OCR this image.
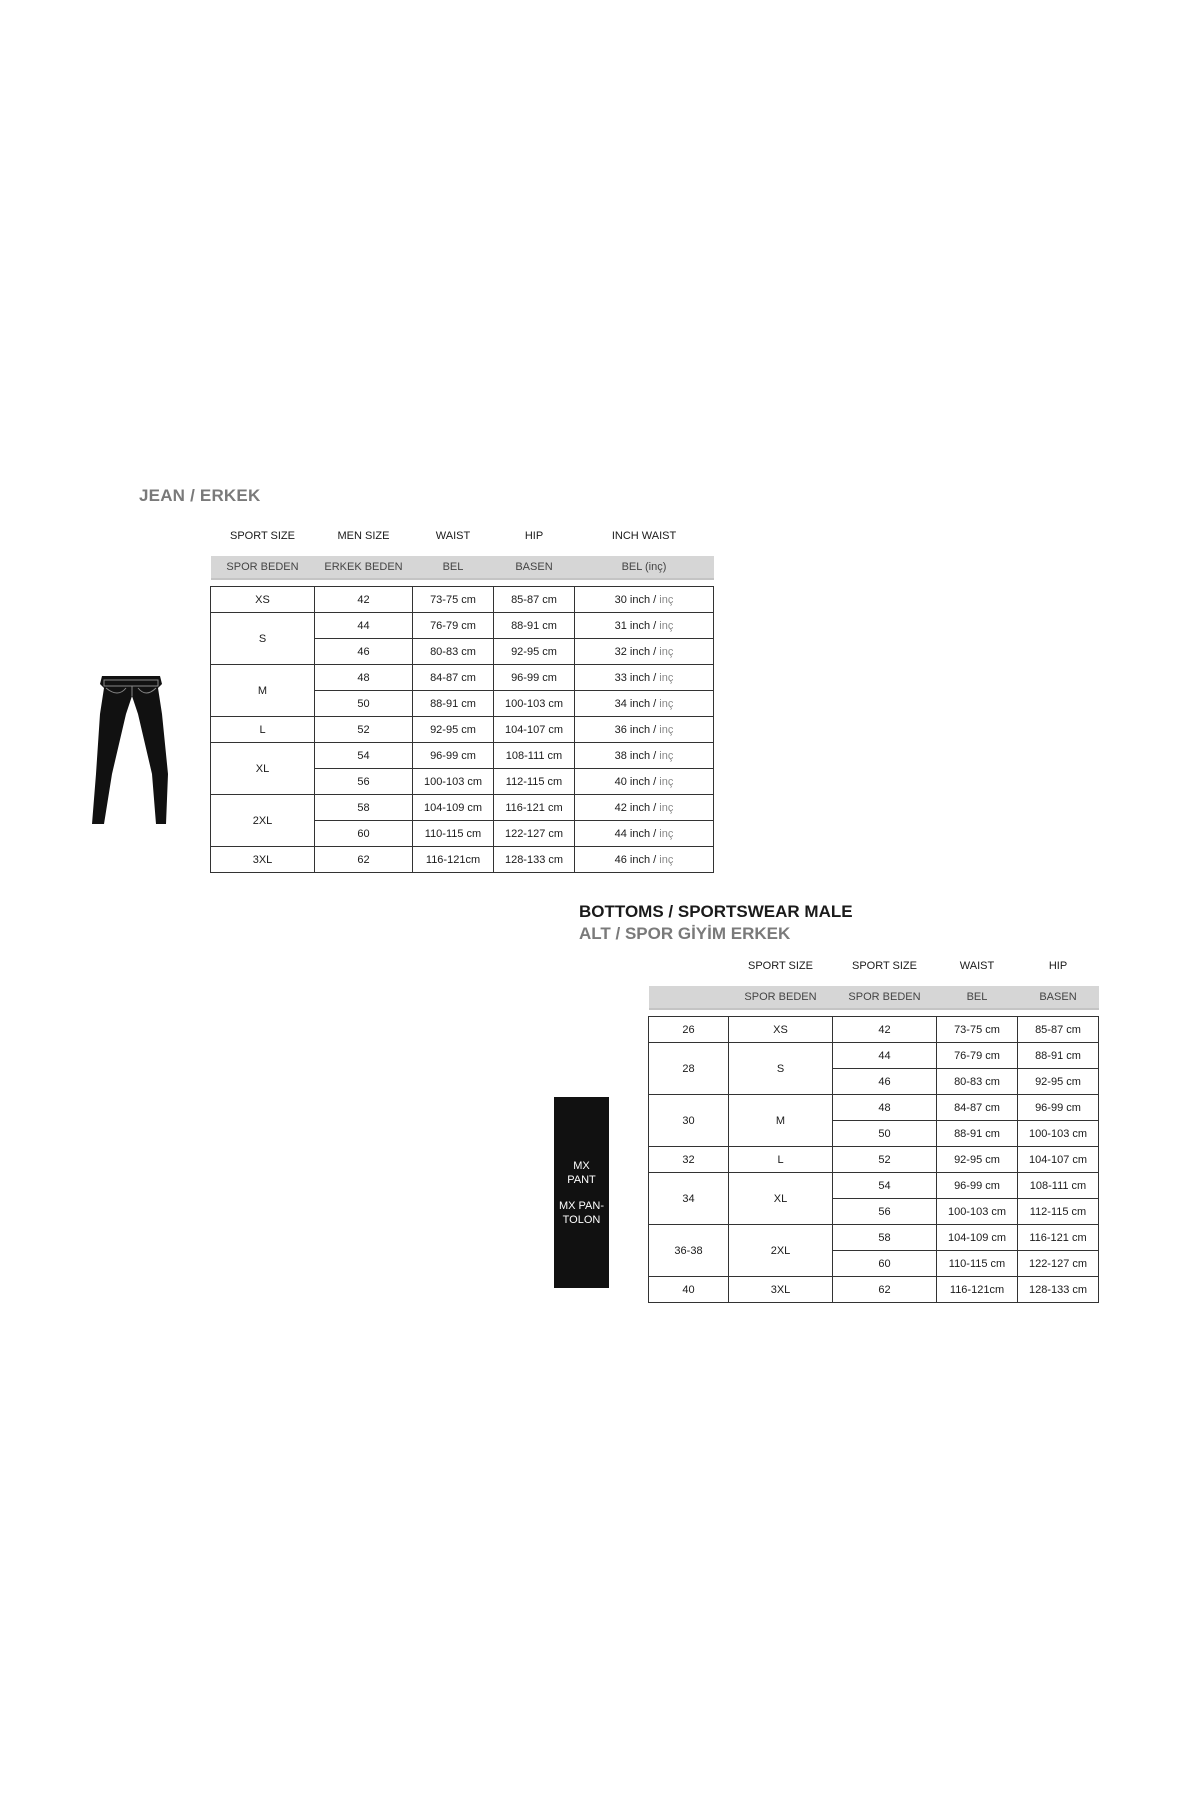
JEAN / ERKEK
SPORT SIZE	MEN SIZE	WAIST	HIP	INCH WAIST
SPOR BEDEN	ERKEK BEDEN	BEL	BASEN	BEL (inç)

XS	42	73-75 cm	85-87 cm	30 inch / inç
S	44	76-79 cm	88-91 cm	31 inch / inç
	46	80-83 cm	92-95 cm	32 inch / inç
M	48	84-87 cm	96-99 cm	33 inch / inç
	50	88-91 cm	100-103 cm	34 inch / inç
L	52	92-95 cm	104-107 cm	36 inch / inç
XL	54	96-99 cm	108-111 cm	38 inch / inç
	56	100-103 cm	112-115 cm	40 inch / inç
2XL	58	104-109 cm	116-121 cm	42 inch / inç
	60	110-115 cm	122-127 cm	44 inch / inç
3XL	62	116-121cm	128-133 cm	46 inch / inç
BOTTOMS / SPORTSWEAR MALE
ALT / SPOR GİYİM ERKEK
MX PANT
MX PAN-TOLON
	SPORT SIZE	SPORT SIZE	WAIST	HIP
	SPOR BEDEN	SPOR BEDEN	BEL	BASEN

26	XS	42	73-75 cm	85-87 cm
28	S	44	76-79 cm	88-91 cm
		46	80-83 cm	92-95 cm
30	M	48	84-87 cm	96-99 cm
		50	88-91 cm	100-103 cm
32	L	52	92-95 cm	104-107 cm
34	XL	54	96-99 cm	108-111 cm
		56	100-103 cm	112-115 cm
36-38	2XL	58	104-109 cm	116-121 cm
		60	110-115 cm	122-127 cm
40	3XL	62	116-121cm	128-133 cm
